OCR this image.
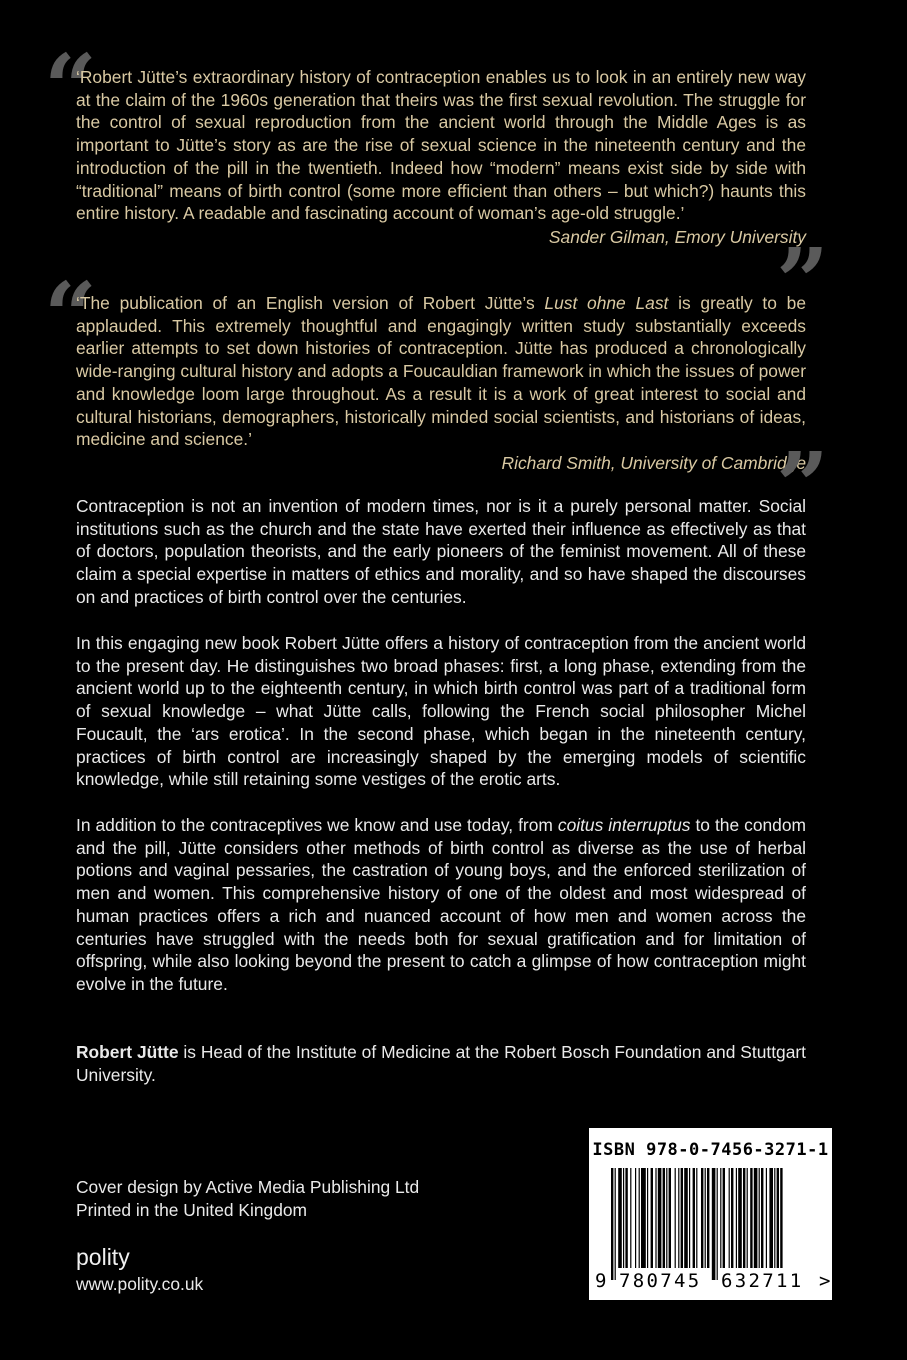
“
‘Robert Jütte’s extraordinary history of contraception enables us to look in an entirely new way at the claim of the 1960s generation that theirs was the first sexual revolution. The struggle for the control of sexual reproduction from the ancient world through the Middle Ages is as important to Jütte’s story as are the rise of sexual science in the nineteenth century and the introduction of the pill in the twentieth. Indeed how “modern” means exist side by side with “traditional” means of birth control (some more efficient than others – but which?) haunts this entire history. A readable and fascinating account of woman’s age-old struggle.’
Sander Gilman, Emory University
”
“
‘The publication of an English version of Robert Jütte’s Lust ohne Last is greatly to be applauded. This extremely thoughtful and engagingly written study substantially exceeds earlier attempts to set down histories of contraception. Jütte has produced a chronologically wide-ranging cultural history and adopts a Foucauldian framework in which the issues of power and knowledge loom large throughout. As a result it is a work of great interest to social and cultural historians, demographers, historically minded social scientists, and historians of ideas, medicine and science.’
Richard Smith, University of Cambridge
”

Contraception is not an invention of modern times, nor is it a purely personal matter. Social institutions such as the church and the state have exerted their influence as effectively as that of doctors, population theorists, and the early pioneers of the feminist movement. All of these claim a special expertise in matters of ethics and morality, and so have shaped the discourses on and practices of birth control over the centuries.

In this engaging new book Robert Jütte offers a history of contraception from the ancient world to the present day. He distinguishes two broad phases: first, a long phase, extending from the ancient world up to the eighteenth century, in which birth control was part of a traditional form of sexual knowledge – what Jütte calls, following the French social philosopher Michel Foucault, the ‘ars erotica’. In the second phase, which began in the nineteenth century, practices of birth control are increasingly shaped by the emerging models of scientific knowledge, while still retaining some vestiges of the erotic arts.

In addition to the contraceptives we know and use today, from coitus interruptus to the condom and the pill, Jütte considers other methods of birth control as diverse as the use of herbal potions and vaginal pessaries, the castration of young boys, and the enforced sterilization of men and women. This comprehensive history of one of the oldest and most widespread of human practices offers a rich and nuanced account of how men and women across the centuries have struggled with the needs both for sexual gratification and for limitation of offspring, while also looking beyond the present to catch a glimpse of how contraception might evolve in the future.

Robert Jütte is Head of the Institute of Medicine at the Robert Bosch Foundation and Stuttgart University.

Cover design by Active Media Publishing Ltd
Printed in the United Kingdom
polity
www.polity.co.uk
ISBN 978-0-7456-3271-1
9 780745	632711 >
